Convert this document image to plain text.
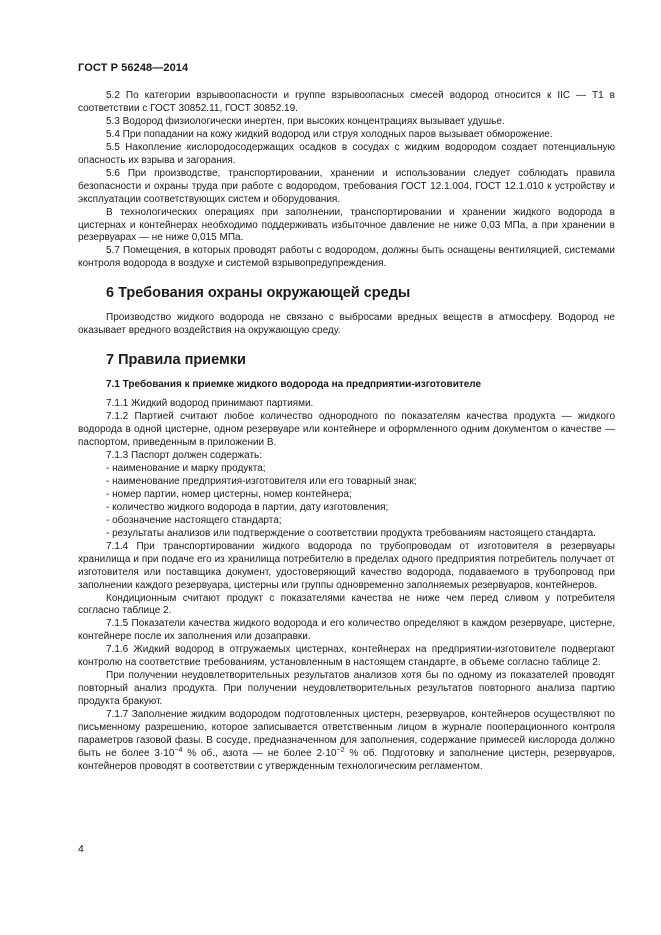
ГОСТ Р 56248—2014

5.2 По категории взрывоопасности и группе взрывоопасных смесей водород относится к IIC — T1 в соответствии с ГОСТ 30852.11, ГОСТ 30852.19.

5.3 Водород физиологически инертен, при высоких концентрациях вызывает удушье.

5.4 При попадании на кожу жидкий водород или струя холодных паров вызывает обморожение.

5.5 Накопление кислородосодержащих осадков в сосудах с жидким водородом создает потенциальную опасность их взрыва и загорания.

5.6 При производстве, транспортировании, хранении и использовании следует соблюдать правила безопасности и охраны труда при работе с водородом, требования ГОСТ 12.1.004, ГОСТ 12.1.010 к устройству и эксплуатации соответствующих систем и оборудования.

В технологических операциях при заполнении, транспортировании и хранении жидкого водорода в цистернах и контейнерах необходимо поддерживать избыточное давление не ниже 0,03 МПа, а при хранении в резервуарах — не ниже 0,015 МПа.

5.7 Помещения, в которых проводят работы с водородом, должны быть оснащены вентиляцией, системами контроля водорода в воздухе и системой взрывопредупреждения.

6 Требования охраны окружающей среды

Производство жидкого водорода не связано с выбросами вредных веществ в атмосферу. Водород не оказывает вредного воздействия на окружающую среду.

7 Правила приемки
7.1 Требования к приемке жидкого водорода на предприятии-изготовителе

7.1.1 Жидкий водород принимают партиями.

7.1.2 Партией считают любое количество однородного по показателям качества продукта — жидкого водорода в одной цистерне, одном резервуаре или контейнере и оформленного одним документом о качестве — паспортом, приведенным в приложении В.

7.1.3 Паспорт должен содержать:

- наименование и марку продукта;

- наименование предприятия-изготовителя или его товарный знак;

- номер партии, номер цистерны, номер контейнера;

- количество жидкого водорода в партии, дату изготовления;

- обозначение настоящего стандарта;

- результаты анализов или подтверждение о соответствии продукта требованиям настоящего стандарта.

7.1.4 При транспортировании жидкого водорода по трубопроводам от изготовителя в резервуары хранилища и при подаче его из хранилища потребителю в пределах одного предприятия потребитель получает от изготовителя или поставщика документ, удостоверяющий качество водорода, подаваемого в трубопровод при заполнении каждого резервуара, цистерны или группы одновременно заполняемых резервуаров, контейнеров.

Кондиционным считают продукт с показателями качества не ниже чем перед сливом у потребителя согласно таблице 2.

7.1.5 Показатели качества жидкого водорода и его количество определяют в каждом резервуаре, цистерне, контейнере после их заполнения или дозаправки.

7.1.6 Жидкий водород в отгружаемых цистернах, контейнерах на предприятии-изготовителе подвергают контролю на соответствие требованиям, установленным в настоящем стандарте, в объеме согласно таблице 2.

При получении неудовлетворительных результатов анализов хотя бы по одному из показателей проводят повторный анализ продукта. При получении неудовлетворительных результатов повторного анализа партию продукта бракуют.

7.1.7 Заполнение жидким водородом подготовленных цистерн, резервуаров, контейнеров осуществляют по письменному разрешению, которое записывается ответственным лицом в журнале пооперационного контроля параметров газовой фазы. В сосуде, предназначенном для заполнения, содержание примесей кислорода должно быть не более $3\cdot 10^{-4}$ % об., азота — не более $2\cdot 10^{-2}$ % об. Подготовку и заполнение цистерн, резервуаров, контейнеров проводят в соответствии с утвержденным технологическим регламентом.

4
